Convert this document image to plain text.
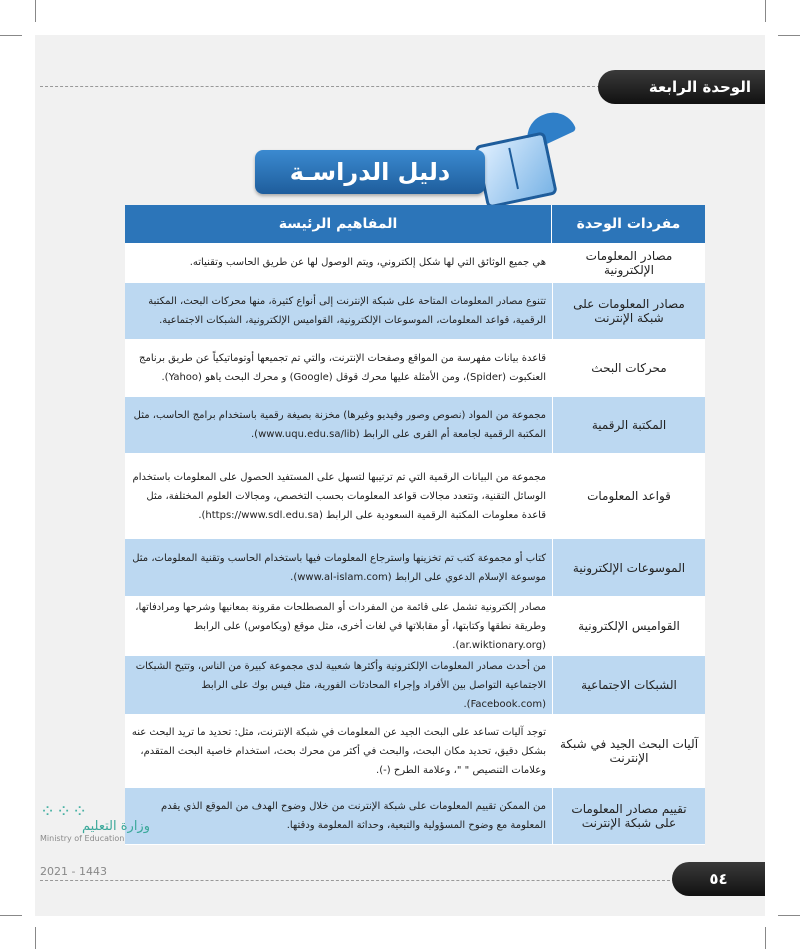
الوحدة الرابعة
دليل الدراسـة
مفردات الوحدة
المفاهيم الرئيسة
مصادر المعلومات الإلكترونية
هي جميع الوثائق التي لها شكل إلكتروني، ويتم الوصول لها عن طريق الحاسب وتقنياته.
مصادر المعلومات على شبكة الإنترنت
تتنوع مصادر المعلومات المتاحة على شبكة الإنترنت إلى أنواع كثيرة، منها محركات البحث، المكتبة الرقمية، قواعد المعلومات، الموسوعات الإلكترونية، القواميس الإلكترونية، الشبكات الاجتماعية.
محركات البحث
قاعدة بيانات مفهرسة من المواقع وصفحات الإنترنت، والتي تم تجميعها أوتوماتيكياً عن طريق برنامج العنكبوت (Spider)، ومن الأمثلة عليها محرك قوقل (Google) و محرك البحث ياهو (Yahoo).
المكتبة الرقمية
مجموعة من المواد (نصوص وصور وفيديو وغيرها) مخزنة بصيغة رقمية باستخدام برامج الحاسب، مثل المكتبة الرقمية لجامعة أم القرى على الرابط (www.uqu.edu.sa/lib).
قواعد المعلومات
مجموعة من البيانات الرقمية التي تم ترتيبها لتسهل على المستفيد الحصول على المعلومات باستخدام الوسائل التقنية، وتتعدد مجالات قواعد المعلومات بحسب التخصص، ومجالات العلوم المختلفة، مثل قاعدة معلومات المكتبة الرقمية السعودية على الرابط (https://www.sdl.edu.sa).
الموسوعات الإلكترونية
كتاب أو مجموعة كتب تم تخزينها واسترجاع المعلومات فيها باستخدام الحاسب وتقنية المعلومات، مثل موسوعة الإسلام الدعوي على الرابط (www.al-islam.com).
القواميس الإلكترونية
مصادر إلكترونية تشمل على قائمة من المفردات أو المصطلحات مقرونة بمعانيها وشرحها ومرادفاتها، وطريقة نطقها وكتابتها، أو مقابلاتها في لغات أخرى، مثل موقع (ويكاموس) على الرابط (ar.wiktionary.org).
الشبكات الاجتماعية
من أحدث مصادر المعلومات الإلكترونية وأكثرها شعبية لدى مجموعة كبيرة من الناس، وتتيح الشبكات الاجتماعية التواصل بين الأفراد وإجراء المحادثات الفورية، مثل فيس بوك على الرابط (Facebook.com).
آليات البحث الجيد في شبكة الإنترنت
توجد آليات تساعد على البحث الجيد عن المعلومات في شبكة الإنترنت، مثل: تحديد ما تريد البحث عنه بشكل دقيق، تحديد مكان البحث، والبحث في أكثر من محرك بحث، استخدام خاصية البحث المتقدم، وعلامات التنصيص " "، وعلامة الطرح (-).
تقييم مصادر المعلومات على شبكة الإنترنت
من الممكن تقييم المعلومات على شبكة الإنترنت من خلال وضوح الهدف من الموقع الذي يقدم المعلومة مع وضوح المسؤولية والتبعية، وحداثة المعلومة ودقتها.
⁘⁘⁘
وزارة التعليم
Ministry of Education
2021 - 1443	٥٤
